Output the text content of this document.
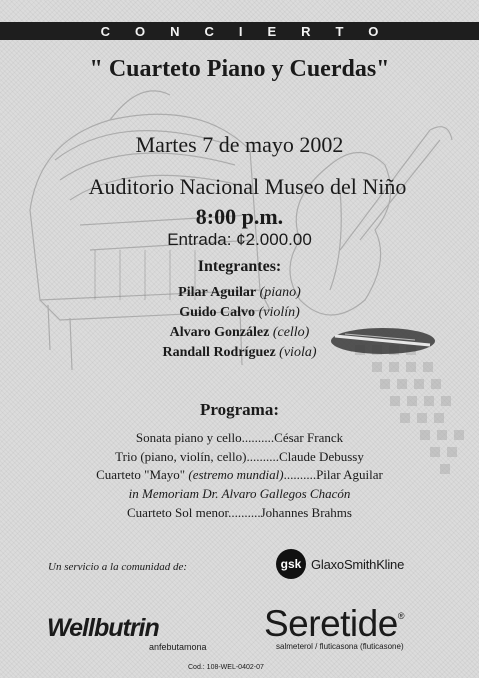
CONCIERTO
" Cuarteto Piano y Cuerdas"
Martes 7 de mayo 2002
Auditorio Nacional Museo del Niño
8:00 p.m.
Entrada: ¢2.000.00
Integrantes:
Pilar Aguilar (piano)
Guido Calvo (violín)
Alvaro González (cello)
Randall Rodríguez (viola)
Programa:
Sonata piano y cello..........César Franck
Trio (piano, violín, cello)..........Claude Debussy
Cuarteto "Mayo" (estremo mundial)..........Pilar Aguilar
in Memoriam Dr. Alvaro Gallegos Chacón
Cuarteto Sol menor..........Johannes Brahms
Un servicio a la comunidad de:	gsk GlaxoSmithKline
Wellbutrin
anfebutamona
Seretide®
salmeterol / fluticasona (fluticasone)
Cod.: 108-WEL-0402-07
